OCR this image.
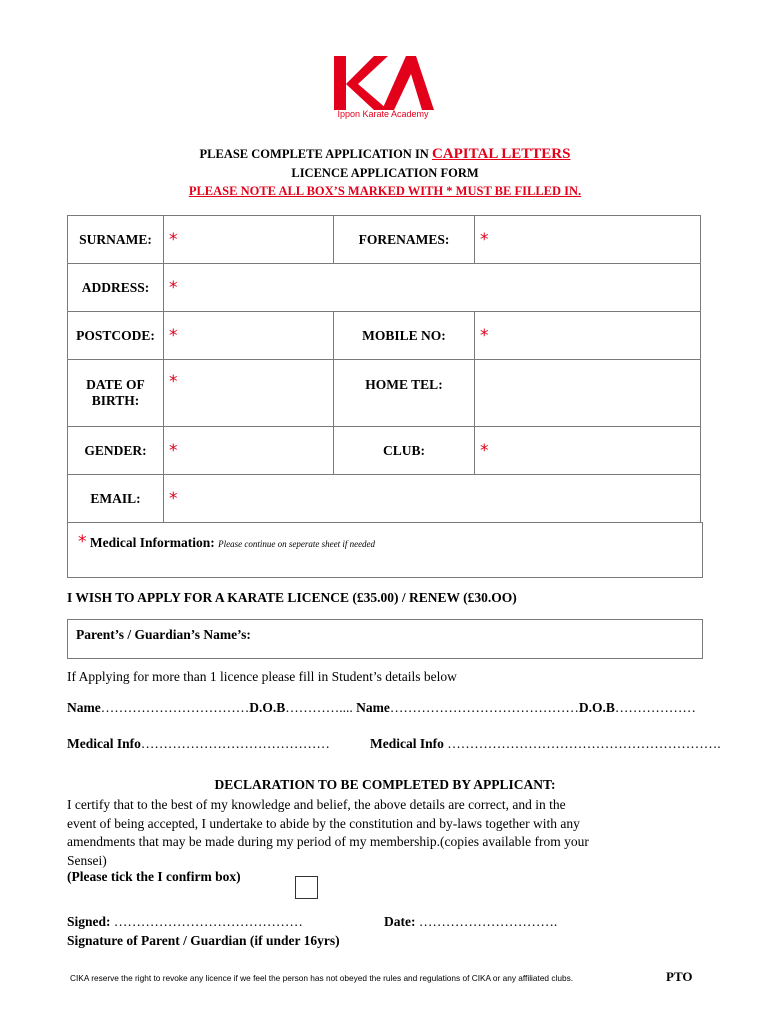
Ippon Karate Academy
PLEASE COMPLETE APPLICATION IN CAPITAL LETTERS
LICENCE APPLICATION FORM
PLEASE NOTE ALL BOX’S MARKED WITH * MUST BE FILLED IN.
SURNAME:	*	FORENAMES:	*
ADDRESS:	*		
POSTCODE:	*	MOBILE NO:	*

DATE OF
BIRTH:	*	HOME TEL:	
GENDER:	*	CLUB:	*
EMAIL:	*		
* Medical Information: Please continue on seperate sheet if needed
I WISH TO APPLY FOR A KARATE LICENCE (£35.00) / RENEW (£30.OO)
Parent’s / Guardian’s Name’s:
If Applying for more than 1 licence please fill in Student’s details below
Name……………………………D.O.B………….... Name……………………………………D.O.B………………
Medical Info……………………………………	Medical Info …………………………………………………….
DECLARATION TO BE COMPLETED BY APPLICANT:
I certify that to the best of my knowledge and belief, the above details are correct, and in the
event of being accepted, I undertake to abide by the constitution and by-laws together with any
amendments that may be made during my period of my membership.(copies available from your
Sensei)
(Please tick the I confirm box)
Signed: ……………………………………	Date: ………………………….
Signature of Parent / Guardian (if under 16yrs)
CIKA reserve the right to revoke any licence if we feel the person has not obeyed the rules and regulations of CIKA or any affiliated clubs.	PTO
